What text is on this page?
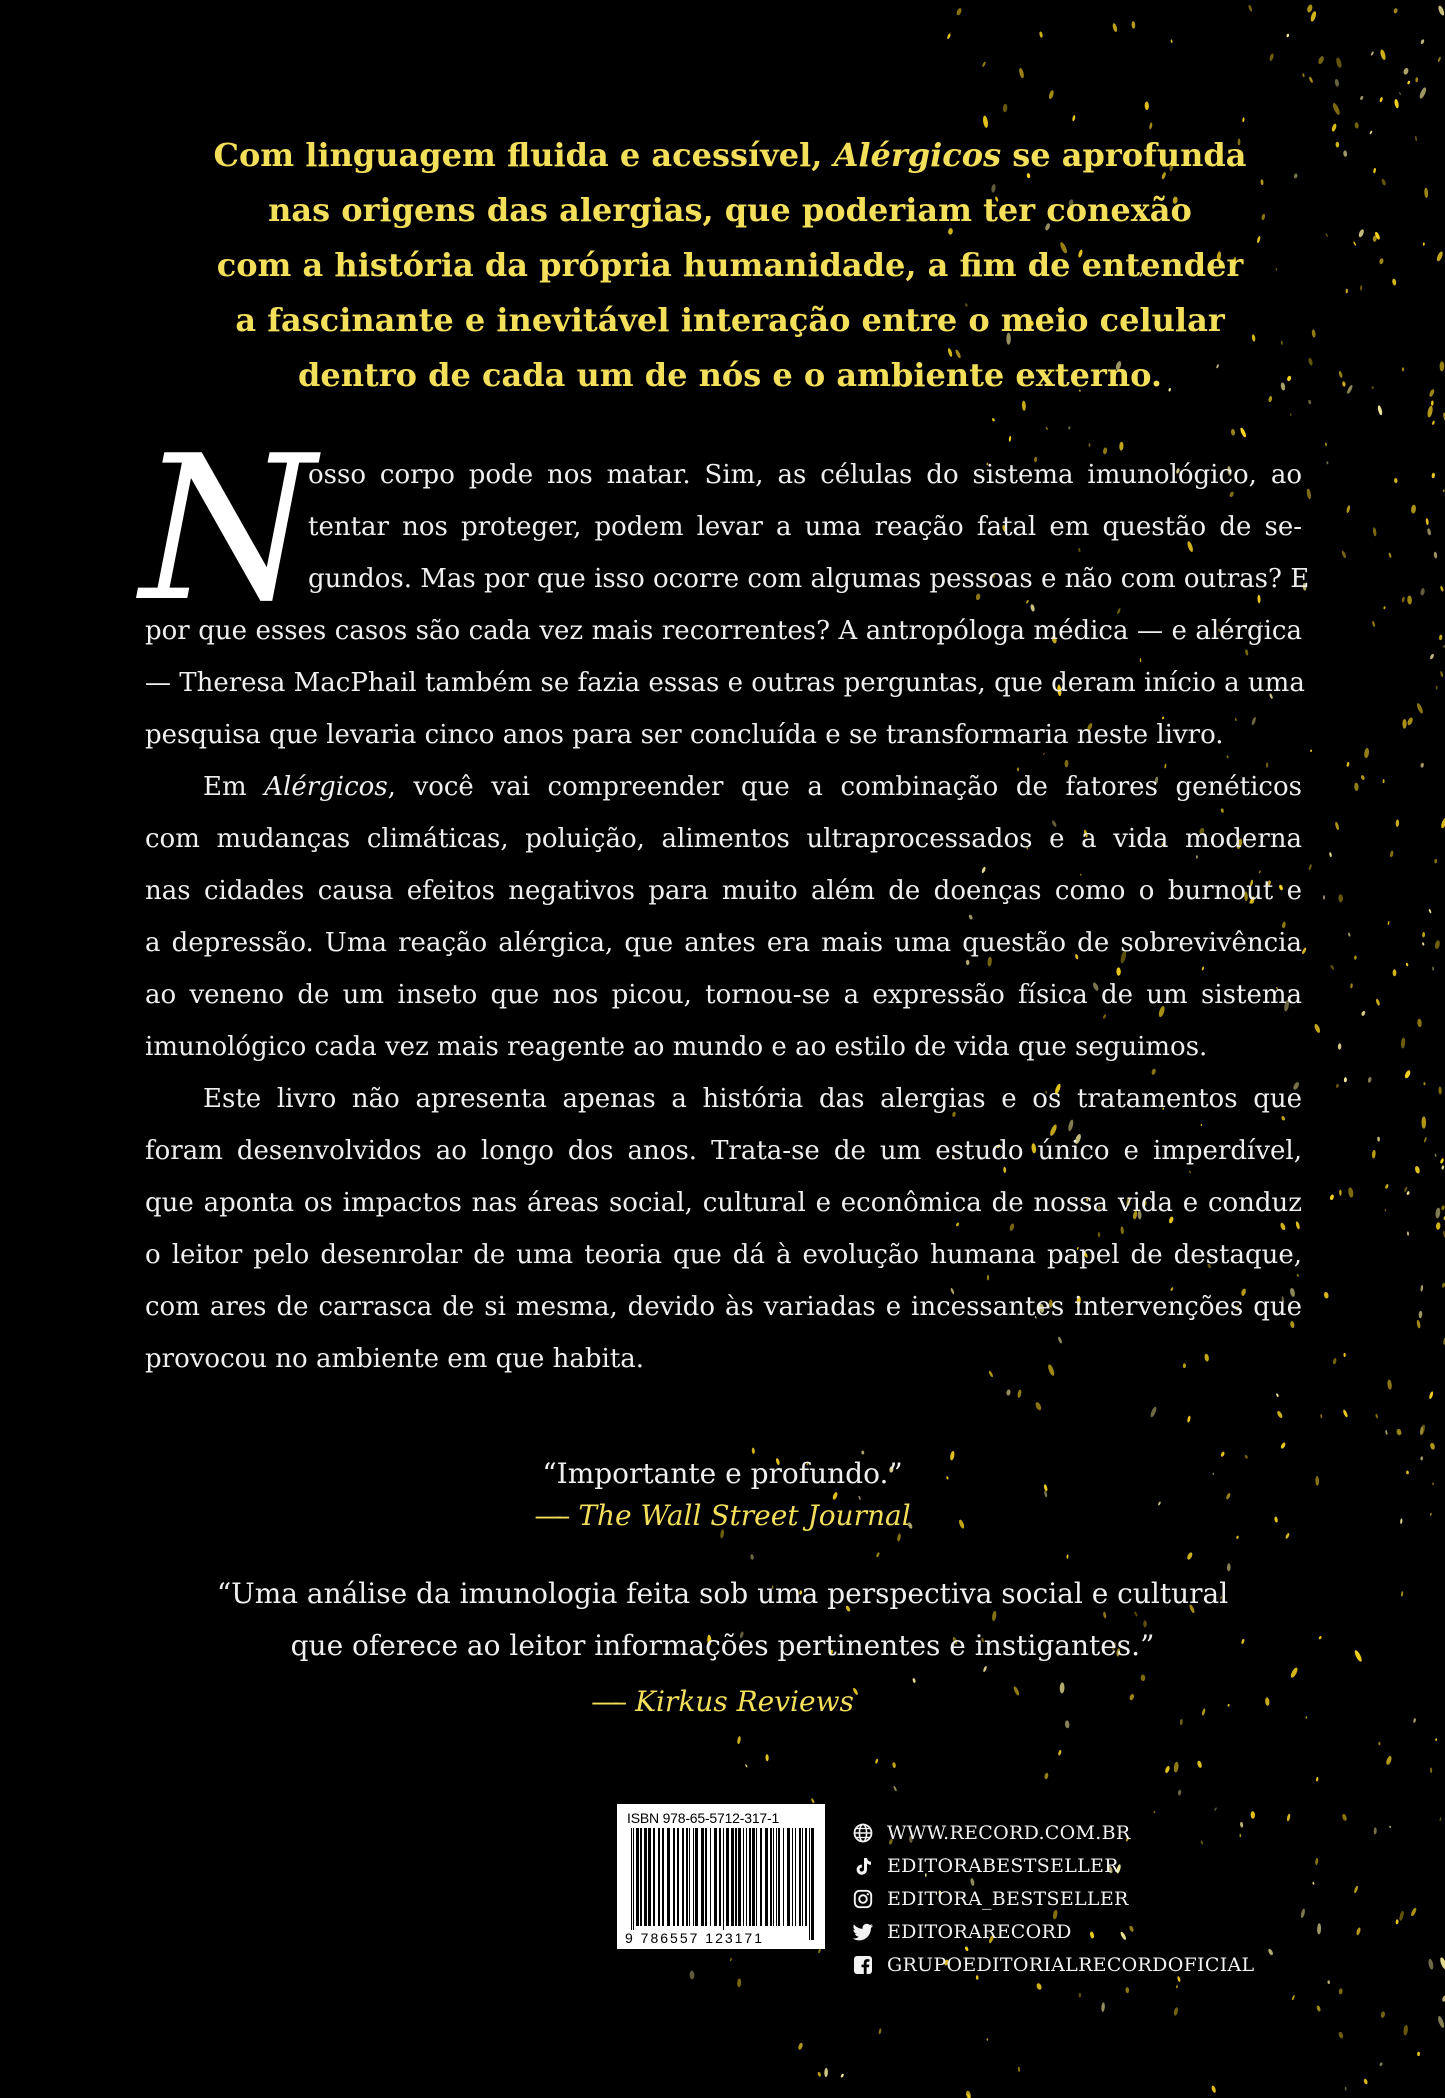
Com linguagem fluida e acessível, Alérgicos se aprofunda
nas origens das alergias, que poderiam ter conexão
com a história da própria humanidade, a fim de entender
a fascinante e inevitável interação entre o meio celular
dentro de cada um de nós e o ambiente externo.
N
osso corpo pode nos matar. Sim, as células do sistema imunológico, ao
tentar nos proteger, podem levar a uma reação fatal em questão de se-
gundos. Mas por que isso ocorre com algumas pessoas e não com outras? E
por que esses casos são cada vez mais recorrentes? A antropóloga médica — e alérgica
— Theresa MacPhail também se fazia essas e outras perguntas, que deram início a uma
pesquisa que levaria cinco anos para ser concluída e se transformaria neste livro.
Em Alérgicos, você vai compreender que a combinação de fatores genéticos
com mudanças climáticas, poluição, alimentos ultraprocessados e a vida moderna
nas cidades causa efeitos negativos para muito além de doenças como o burnout e
a depressão. Uma reação alérgica, que antes era mais uma questão de sobrevivência
ao veneno de um inseto que nos picou, tornou-se a expressão física de um sistema
imunológico cada vez mais reagente ao mundo e ao estilo de vida que seguimos.
Este livro não apresenta apenas a história das alergias e os tratamentos que
foram desenvolvidos ao longo dos anos. Trata-se de um estudo único e imperdível,
que aponta os impactos nas áreas social, cultural e econômica de nossa vida e conduz
o leitor pelo desenrolar de uma teoria que dá à evolução humana papel de destaque,
com ares de carrasca de si mesma, devido às variadas e incessantes intervenções que
provocou no ambiente em que habita.
“Importante e profundo.”
—– The Wall Street Journal
“Uma análise da imunologia feita sob uma perspectiva social e cultural
que oferece ao leitor informações pertinentes e instigantes.”
—– Kirkus Reviews
ISBN 978-65-5712-317-1
9 786557 123171
WWW.RECORD.COM.BR
EDITORABESTSELLER
EDITORA_BESTSELLER
EDITORARECORD
GRUPOEDITORIALRECORDOFICIAL
